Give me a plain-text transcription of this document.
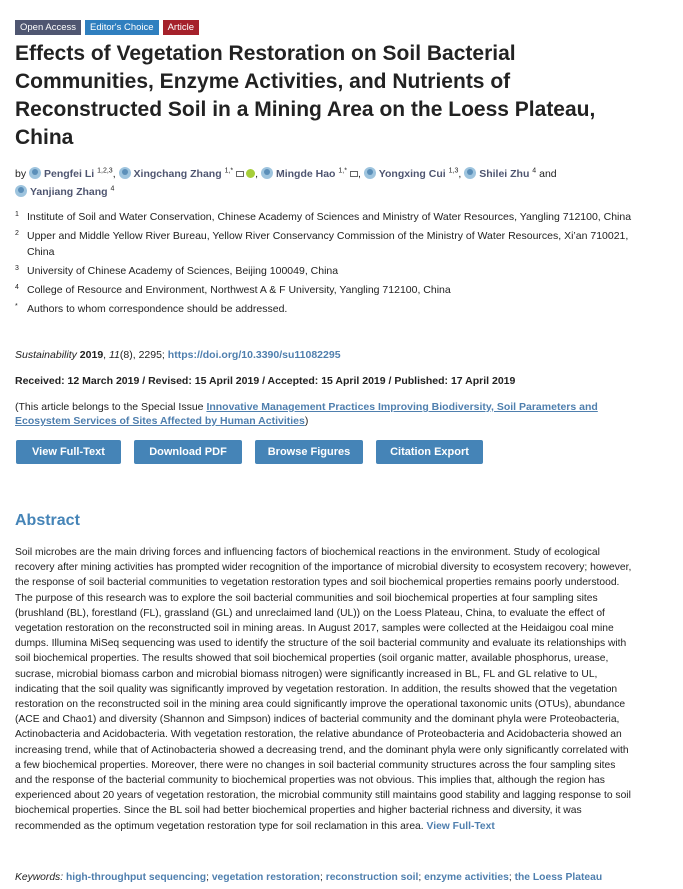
Open Access	Editor's Choice	Article
Effects of Vegetation Restoration on Soil Bacterial Communities, Enzyme Activities, and Nutrients of Reconstructed Soil in a Mining Area on the Loess Plateau, China
by Pengfei Li $^{1,2,3}$, Xingchang Zhang $^{1,*}$ , Mingde Hao $^{1,*}$ , Yongxing Cui $^{1,3}$, Shilei Zhu $^4$ and Yanjiang Zhang $^4$
1 Institute of Soil and Water Conservation, Chinese Academy of Sciences and Ministry of Water Resources, Yangling 712100, China
2 Upper and Middle Yellow River Bureau, Yellow River Conservancy Commission of the Ministry of Water Resources, Xi’an 710021, China
3 University of Chinese Academy of Sciences, Beijing 100049, China
4 College of Resource and Environment, Northwest A & F University, Yangling 712100, China
* Authors to whom correspondence should be addressed.
Sustainability 2019, 11(8), 2295; https://doi.org/10.3390/su11082295
Received: 12 March 2019 / Revised: 15 April 2019 / Accepted: 15 April 2019 / Published: 17 April 2019
(This article belongs to the Special Issue Innovative Management Practices Improving Biodiversity, Soil Parameters and Ecosystem Services of Sites Affected by Human Activities)
View Full-Text	Download PDF	Browse Figures	Citation Export
Abstract
Soil microbes are the main driving forces and influencing factors of biochemical reactions in the environment. Study of ecological recovery after mining activities has prompted wider recognition of the importance of microbial diversity to ecosystem recovery; however, the response of soil bacterial communities to vegetation restoration types and soil biochemical properties remains poorly understood. The purpose of this research was to explore the soil bacterial communities and soil biochemical properties at four sampling sites (brushland (BL), forestland (FL), grassland (GL) and unreclaimed land (UL)) on the Loess Plateau, China, to evaluate the effect of vegetation restoration on the reconstructed soil in mining areas. In August 2017, samples were collected at the Heidaigou coal mine dumps. Illumina MiSeq sequencing was used to identify the structure of the soil bacterial community and evaluate its relationships with soil biochemical properties. The results showed that soil biochemical properties (soil organic matter, available phosphorus, urease, sucrase, microbial biomass carbon and microbial biomass nitrogen) were significantly increased in BL, FL and GL relative to UL, indicating that the soil quality was significantly improved by vegetation restoration. In addition, the results showed that the vegetation restoration on the reconstructed soil in the mining area could significantly improve the operational taxonomic units (OTUs), abundance (ACE and Chao1) and diversity (Shannon and Simpson) indices of bacterial community and the dominant phyla were Proteobacteria, Actinobacteria and Acidobacteria. With vegetation restoration, the relative abundance of Proteobacteria and Acidobacteria showed an increasing trend, while that of Actinobacteria showed a decreasing trend, and the dominant phyla were only significantly correlated with a few biochemical properties. Moreover, there were no changes in soil bacterial community structures across the four sampling sites and the response of the bacterial community to biochemical properties was not obvious. This implies that, although the region has experienced about 20 years of vegetation restoration, the microbial community still maintains good stability and lagging response to soil biochemical properties. Since the BL soil had better biochemical properties and higher bacterial richness and diversity, it was recommended as the optimum vegetation restoration type for soil reclamation in this area. View Full-Text
Keywords: high-throughput sequencing; vegetation restoration; reconstruction soil; enzyme activities; the Loess Plateau
